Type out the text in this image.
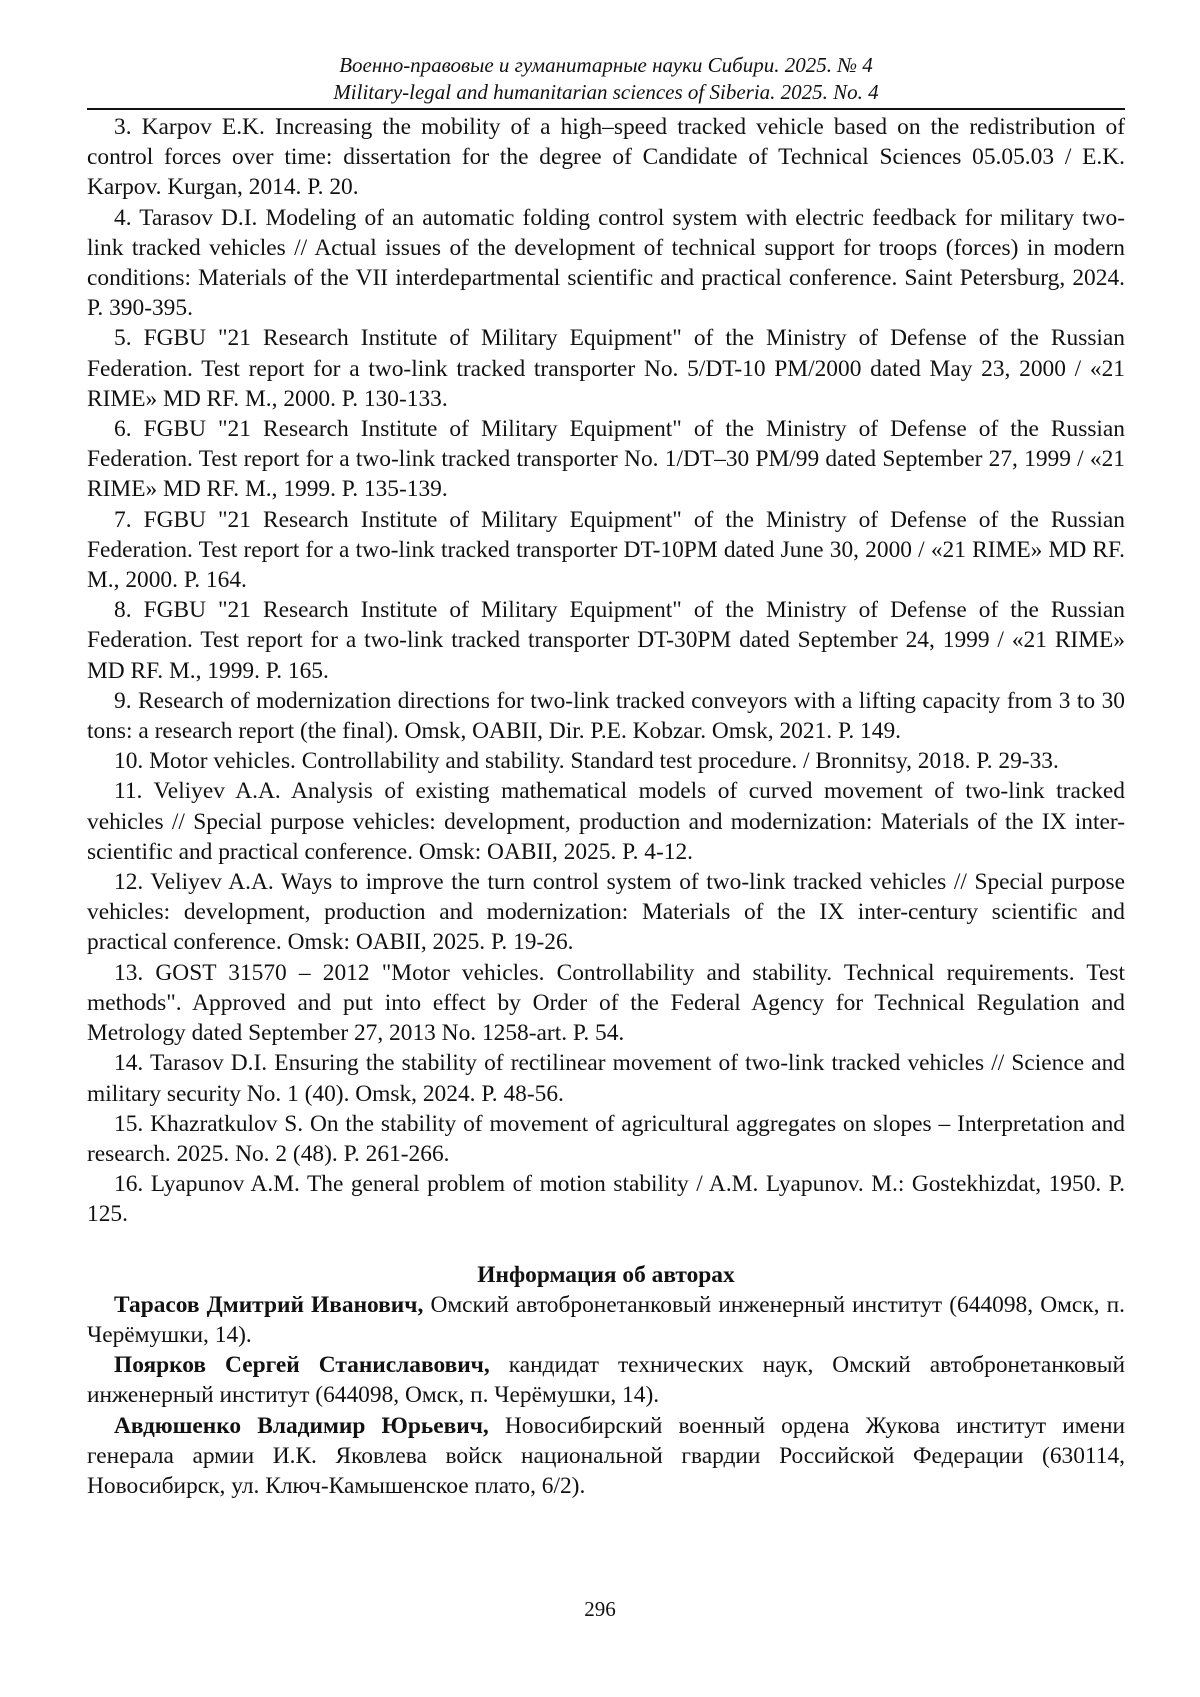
Военно-правовые и гуманитарные науки Сибири. 2025. № 4
Military-legal and humanitarian sciences of Siberia. 2025. No. 4

3. Karpov E.K. Increasing the mobility of a high–speed tracked vehicle based on the redistribution of control forces over time: dissertation for the degree of Candidate of Technical Sciences 05.05.03 / E.K. Karpov. Kurgan, 2014. P. 20.

4. Tarasov D.I. Modeling of an automatic folding control system with electric feedback for military two-link tracked vehicles // Actual issues of the development of technical support for troops (forces) in modern conditions: Materials of the VII interdepartmental scientific and practical conference. Saint Petersburg, 2024. P. 390-395.

5. FGBU "21 Research Institute of Military Equipment" of the Ministry of Defense of the Russian Federation. Test report for a two-link tracked transporter No. 5/DT-10 PM/2000 dated May 23, 2000 / «21 RIME» MD RF. M., 2000. P. 130-133.

6. FGBU "21 Research Institute of Military Equipment" of the Ministry of Defense of the Russian Federation. Test report for a two-link tracked transporter No. 1/DT–30 PM/99 dated September 27, 1999 / «21 RIME» MD RF. M., 1999. P. 135-139.

7. FGBU "21 Research Institute of Military Equipment" of the Ministry of Defense of the Russian Federation. Test report for a two-link tracked transporter DT-10PM dated June 30, 2000 / «21 RIME» MD RF. M., 2000. P. 164.

8. FGBU "21 Research Institute of Military Equipment" of the Ministry of Defense of the Russian Federation. Test report for a two-link tracked transporter DT-30PM dated September 24, 1999 / «21 RIME» MD RF. M., 1999. P. 165.

9. Research of modernization directions for two-link tracked conveyors with a lifting capacity from 3 to 30 tons: a research report (the final). Omsk, OABII, Dir. P.E. Kobzar. Omsk, 2021. P. 149.

10. Motor vehicles. Controllability and stability. Standard test procedure. / Bronnitsy, 2018. P. 29-33.

11. Veliyev A.A. Analysis of existing mathematical models of curved movement of two-link tracked vehicles // Special purpose vehicles: development, production and modernization: Materials of the IX inter-scientific and practical conference. Omsk: OABII, 2025. P. 4-12.

12. Veliyev A.A. Ways to improve the turn control system of two-link tracked vehicles // Special purpose vehicles: development, production and modernization: Materials of the IX inter-century scientific and practical conference. Omsk: OABII, 2025. P. 19-26.

13. GOST 31570 – 2012 "Motor vehicles. Controllability and stability. Technical requirements. Test methods". Approved and put into effect by Order of the Federal Agency for Technical Regulation and Metrology dated September 27, 2013 No. 1258-art. P. 54.

14. Tarasov D.I. Ensuring the stability of rectilinear movement of two-link tracked vehicles // Science and military security No. 1 (40). Omsk, 2024. P. 48-56.

15. Khazratkulov S. On the stability of movement of agricultural aggregates on slopes – Interpretation and research. 2025. No. 2 (48). P. 261-266.

16. Lyapunov A.M. The general problem of motion stability / A.M. Lyapunov. M.: Gostekhizdat, 1950. P. 125.

Информация об авторах

Тарасов Дмитрий Иванович, Омский автобронетанковый инженерный институт (644098, Омск, п. Черёмушки, 14).

Поярков Сергей Станиславович, кандидат технических наук, Омский автобронетанковый инженерный институт (644098, Омск, п. Черёмушки, 14).

Авдюшенко Владимир Юрьевич, Новосибирский военный ордена Жукова институт имени генерала армии И.К. Яковлева войск национальной гвардии Российской Федерации (630114, Новосибирск, ул. Ключ-Камышенское плато, 6/2).

296
